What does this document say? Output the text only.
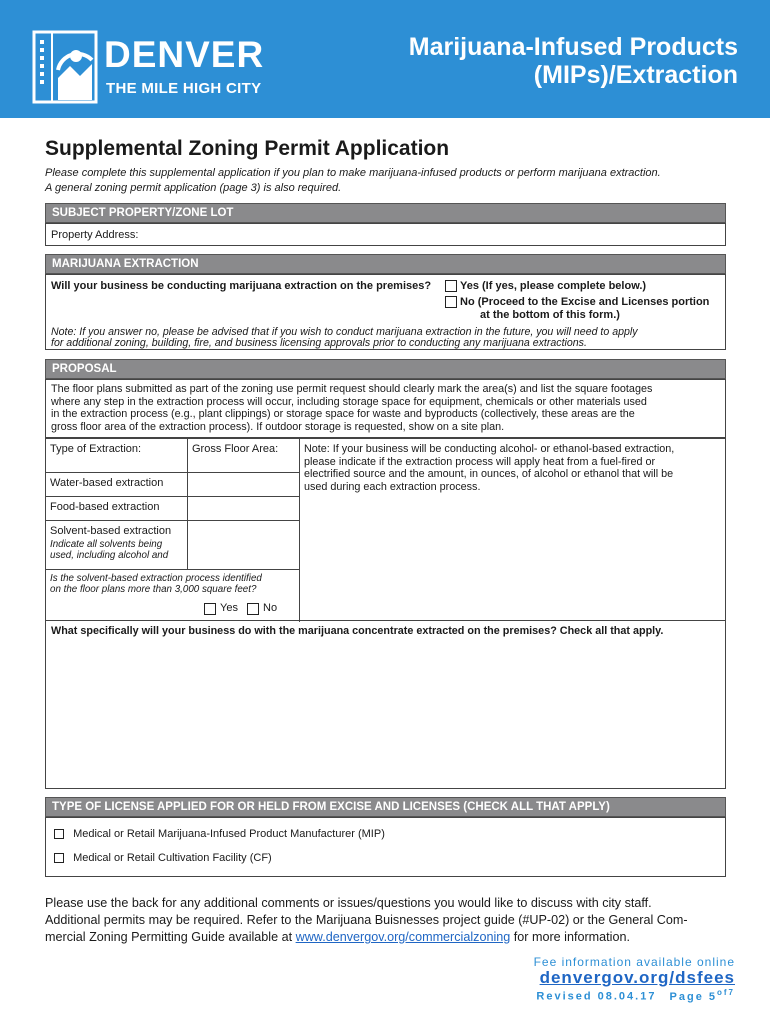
DENVER
THE MILE HIGH CITY
Marijuana-Infused Products
(MIPs)/Extraction
Supplemental Zoning Permit Application
Please complete this supplemental application if you plan to make marijuana-infused products or perform marijuana extraction.
A general zoning permit application (page 3) is also required.
SUBJECT PROPERTY/ZONE LOT
Property Address:
MARIJUANA EXTRACTION
Will your business be conducting marijuana extraction on the premises?	Yes (If yes, please complete below.)
No (Proceed to the Excise and Licenses portion
at the bottom of this form.)
Note: If you answer no, please be advised that if you wish to conduct marijuana extraction in the future, you will need to apply
for additional zoning, building, fire, and business licensing approvals prior to conducting any marijuana extractions.
PROPOSAL
The floor plans submitted as part of the zoning use permit request should clearly mark the area(s) and list the square footages
where any step in the extraction process will occur, including storage space for equipment, chemicals or other materials used
in the extraction process (e.g., plant clippings) or storage space for waste and byproducts (collectively, these areas are the
gross floor area of the extraction process). If outdoor storage is requested, show on a site plan.
Type of Extraction:	Gross Floor Area:	Note: If your business will be conducting alcohol- or ethanol-based extraction,
please indicate if the extraction process will apply heat from a fuel-fired or
electrified source and the amount, in ounces, of alcohol or ethanol that will be
used during each extraction process.
Water-based extraction
Food-based extraction
Solvent-based extraction
Indicate all solvents being
used, including alcohol and
Is the solvent-based extraction process identified
on the floor plans more than 3,000 square feet?
Yes No
What specifically will your business do with the marijuana concentrate extracted on the premises? Check all that apply.
TYPE OF LICENSE APPLIED FOR OR HELD FROM EXCISE AND LICENSES (CHECK ALL THAT APPLY)
Medical or Retail Marijuana-Infused Product Manufacturer (MIP)
Medical or Retail Cultivation Facility (CF)
Please use the back for any additional comments or issues/questions you would like to discuss with city staff.
Additional permits may be required. Refer to the Marijuana Buisnesses project guide (#UP-02) or the General Com-
mercial Zoning Permitting Guide available at www.denvergov.org/commercialzoning for more information.
Fee information available online
denvergov.org/dsfees
Revised 08.04.17 Page $5^{of7}$
